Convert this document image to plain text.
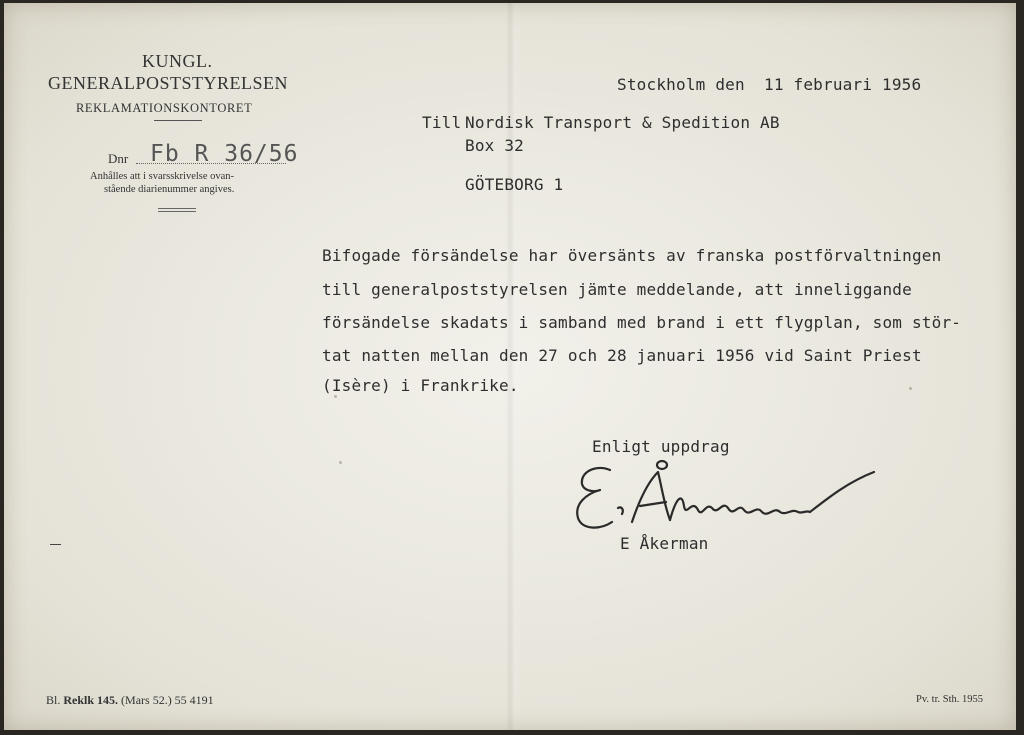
KUNGL.
GENERALPOSTSTYRELSEN
REKLAMATIONSKONTORET
Dnr Fb R 36/56
Anhålles att i svarsskrivelse ovan-
stående diarienummer angives.
Stockholm den 11 februari 1956
Till Nordisk Transport & Spedition AB
Box 32
GÖTEBORG 1
Bifogade försändelse har översänts av franska postförvaltningen
till generalpoststyrelsen jämte meddelande, att inneliggande
försändelse skadats i samband med brand i ett flygplan, som stör-
tat natten mellan den 27 och 28 januari 1956 vid Saint Priest
(Isère) i Frankrike.
Enligt uppdrag
E Åkerman
Bl. Reklk 145. (Mars 52.) 55 4191	Pv. tr. Sth. 1955
